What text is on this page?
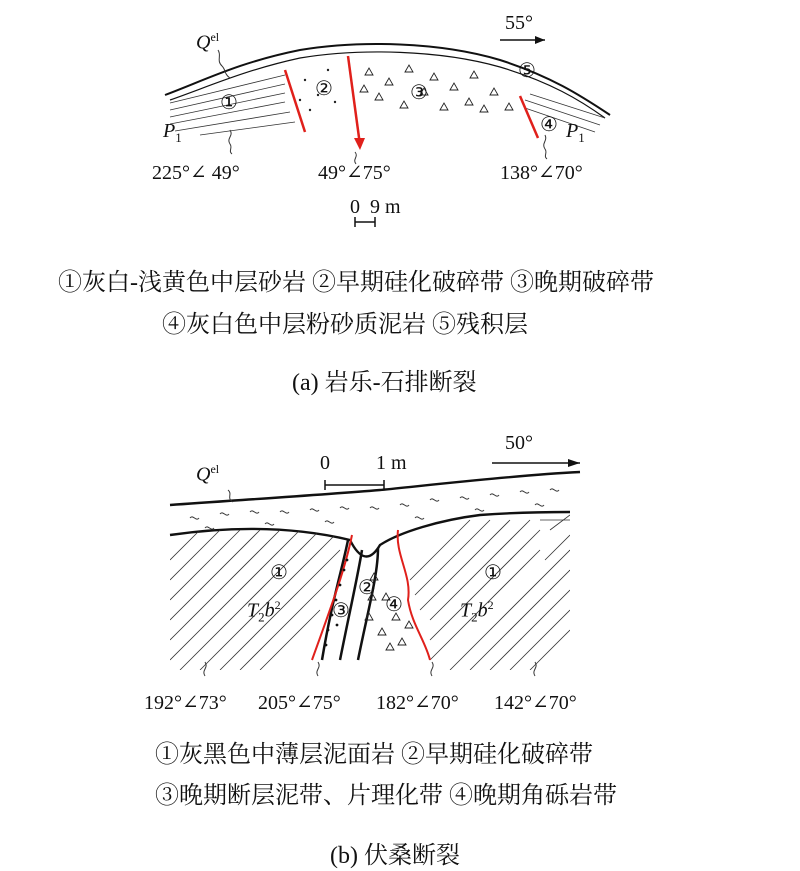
$Q^{el}$
$P_1$	$P_1$
55°
①
②	③
④
⑤
225°∠ 49°	49°∠75°	138°∠70°
0  9 m
①灰白-浅黄色中层砂岩 ②早期硅化破碎带 ③晚期破碎带
④灰白色中层粉砂质泥岩 ⑤残积层
(a) 岩乐-石排断裂
$Q^{el}$
50°
0 1 m
①	①
②
③ ④
$T_2b^2$	$T_2b^2$
192°∠73° 205°∠75° 182°∠70° 142°∠70°
①灰黑色中薄层泥面岩 ②早期硅化破碎带
③晚期断层泥带、片理化带 ④晚期角砾岩带
(b) 伏桑断裂
